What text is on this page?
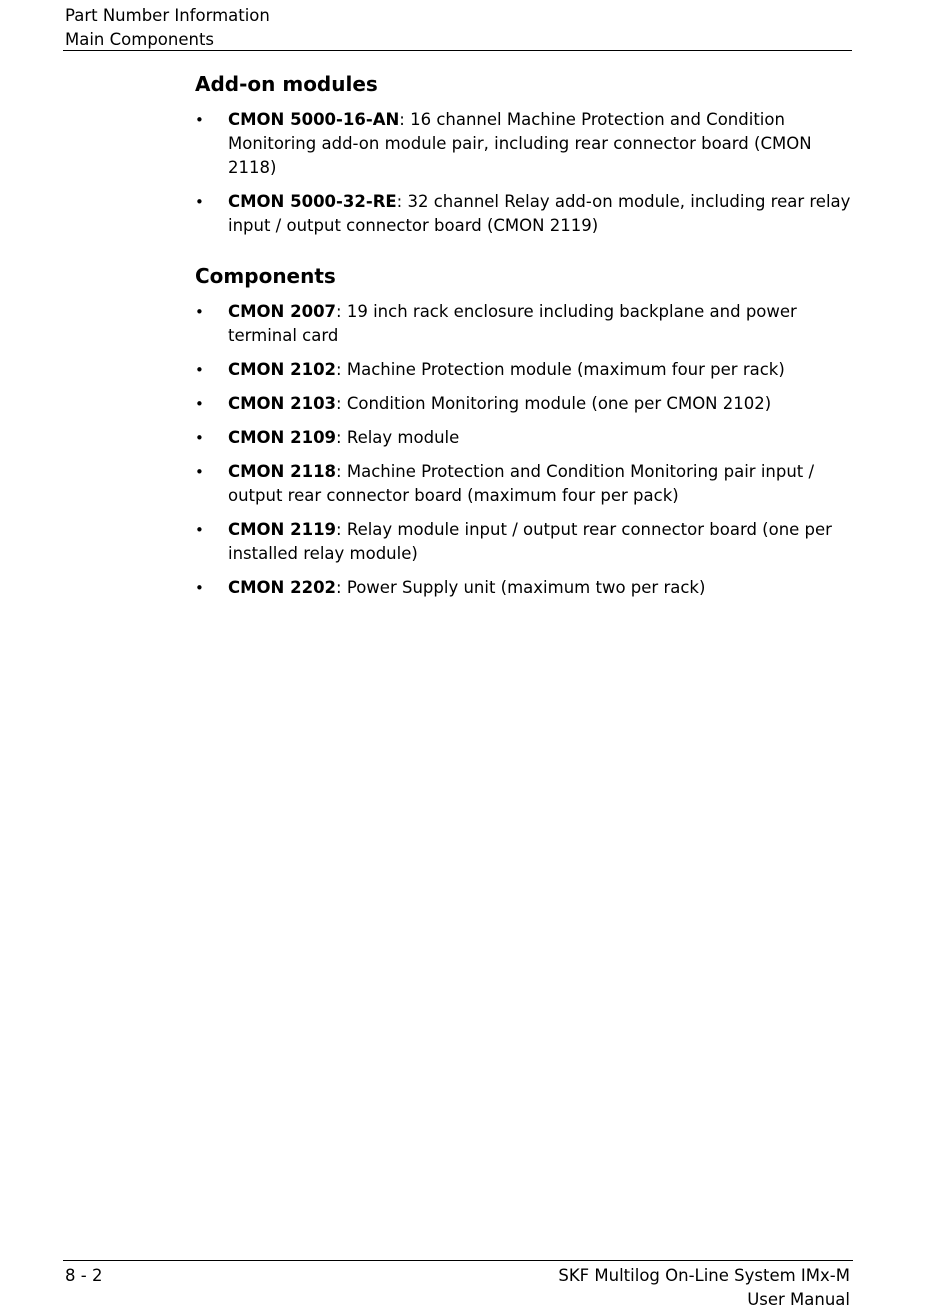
Part Number Information
Main Components
Add-on modules
• CMON 5000-16-AN: 16 channel Machine Protection and Condition Monitoring add-on module pair, including rear connector board (CMON 2118)
• CMON 5000-32-RE: 32 channel Relay add-on module, including rear relay input / output connector board (CMON 2119)
Components
• CMON 2007: 19 inch rack enclosure including backplane and power terminal card
• CMON 2102: Machine Protection module (maximum four per rack)
• CMON 2103: Condition Monitoring module (one per CMON 2102)
• CMON 2109: Relay module
• CMON 2118: Machine Protection and Condition Monitoring pair input / output rear connector board (maximum four per pack)
• CMON 2119: Relay module input / output rear connector board (one per installed relay module)
• CMON 2202: Power Supply unit (maximum two per rack)
8 - 2	SKF Multilog On-Line System IMx-M
User Manual
